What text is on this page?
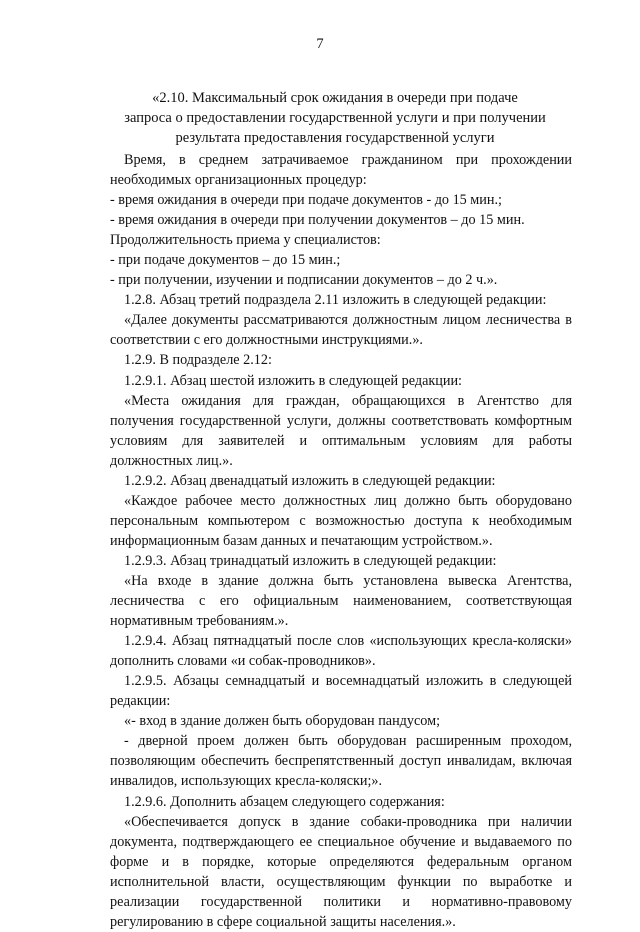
7
«2.10. Максимальный срок ожидания в очереди при подаче
запроса о предоставлении государственной услуги и при получении
результата предоставления государственной услуги

Время, в среднем затрачиваемое гражданином при прохождении необходимых организационных процедур:

- время ожидания в очереди при подаче документов - до 15 мин.;

- время ожидания в очереди при получении документов – до 15 мин.

Продолжительность приема у специалистов:

- при подаче документов – до 15 мин.;

- при получении, изучении и подписании документов – до 2 ч.».

1.2.8. Абзац третий подраздела 2.11 изложить в следующей редакции:

«Далее документы рассматриваются должностным лицом лесничества в соответствии с его должностными инструкциями.».

1.2.9. В подразделе 2.12:

1.2.9.1. Абзац шестой изложить в следующей редакции:

«Места ожидания для граждан, обращающихся в Агентство для получения государственной услуги, должны соответствовать комфортным условиям для заявителей и оптимальным условиям для работы должностных лиц.».

1.2.9.2. Абзац двенадцатый изложить в следующей редакции:

«Каждое рабочее место должностных лиц должно быть оборудовано персональным компьютером с возможностью доступа к необходимым информационным базам данных и печатающим устройством.».

1.2.9.3. Абзац тринадцатый изложить в следующей редакции:

«На входе в здание должна быть установлена вывеска Агентства, лесничества с его официальным наименованием, соответствующая нормативным требованиям.».

1.2.9.4. Абзац пятнадцатый после слов «использующих кресла-коляски» дополнить словами «и собак-проводников».

1.2.9.5. Абзацы семнадцатый и восемнадцатый изложить в следующей редакции:

«- вход в здание должен быть оборудован пандусом;

- дверной проем должен быть оборудован расширенным проходом, позволяющим обеспечить беспрепятственный доступ инвалидам, включая инвалидов, использующих кресла-коляски;».

1.2.9.6. Дополнить абзацем следующего содержания:

«Обеспечивается допуск в здание собаки-проводника при наличии документа, подтверждающего ее специальное обучение и выдаваемого по форме и в порядке, которые определяются федеральным органом исполнительной власти, осуществляющим функции по выработке и реализации государственной политики и нормативно-правовому регулированию в сфере социальной защиты населения.».
